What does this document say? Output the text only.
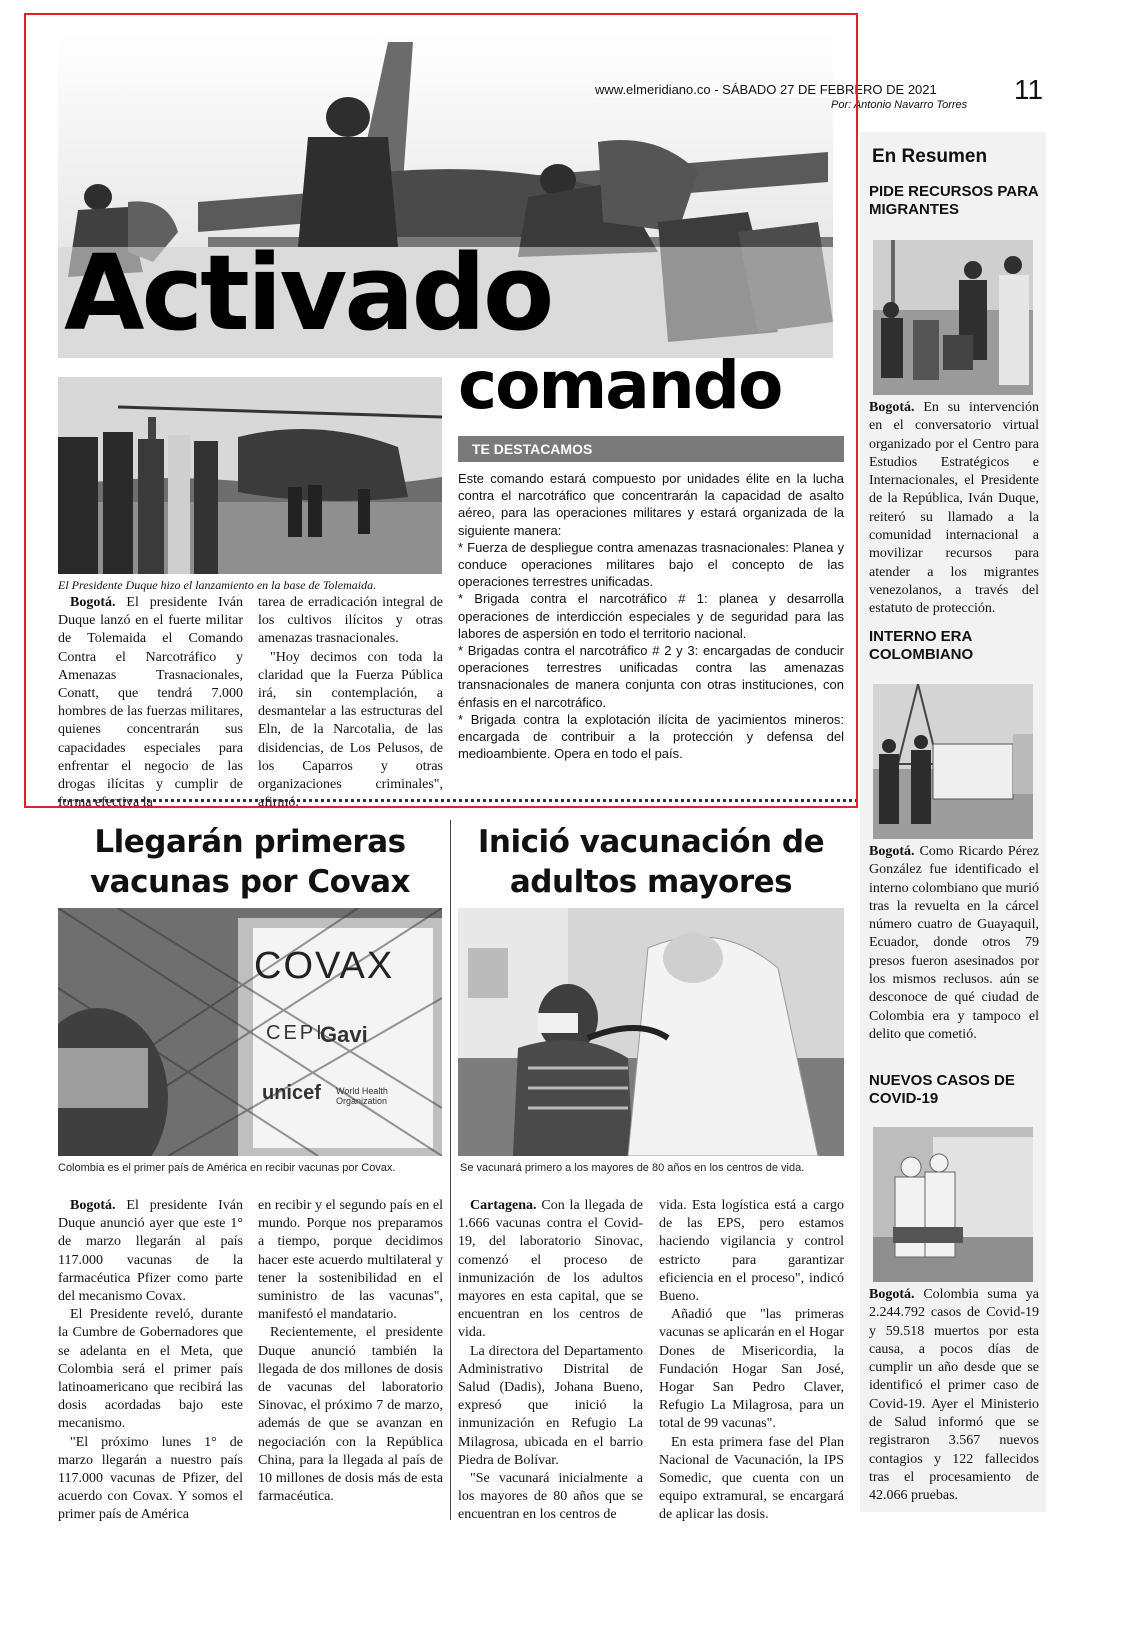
www.elmeridiano.co - SÁBADO 27 DE FEBRERO DE 2021
Por: Antonio Navarro Torres 11
Activado
comando
El Presidente Duque hizo el lanzamiento en la base de Tolemaida.

Bogotá. El presidente Iván Duque lanzó en el fuerte militar de Tolemaida el Comando Contra el Narcotráfico y Amenazas Trasnacionales, Conatt, que tendrá 7.000 hombres de las fuerzas militares, quienes concentrarán sus capacidades especiales para enfrentar el negocio de las drogas ilícitas y cumplir de forma efectiva la

tarea de erradicación integral de los cultivos ilícitos y otras amenazas trasnacionales.

"Hoy decimos con toda la claridad que la Fuerza Pública irá, sin contemplación, a desmantelar a las estructuras del Eln, de la Narcotalia, de las disidencias, de Los Pelusos, de los Caparros y otras organizaciones criminales", afirmó.

TE DESTACAMOS

Este comando estará compuesto por unidades élite en la lucha contra el narcotráfico que concentrarán la capacidad de asalto aéreo, para las operaciones militares y estará organizada de la siguiente manera:

* Fuerza de despliegue contra amenazas trasnacionales: Planea y conduce operaciones militares bajo el concepto de las operaciones terrestres unificadas.

* Brigada contra el narcotráfico # 1: planea y desarrolla operaciones de interdicción especiales y de seguridad para las labores de aspersión en todo el territorio nacional.

* Brigadas contra el narcotráfico # 2 y 3: encargadas de conducir operaciones terrestres unificadas contra las amenazas transnacionales de manera conjunta con otras instituciones, con énfasis en el narcotráfico.

* Brigada contra la explotación ilícita de yacimientos mineros: encargada de contribuir a la protección y defensa del medioambiente. Opera en todo el país.

En Resumen
PIDE RECURSOS PARA MIGRANTES
Bogotá. En su intervención en el conversatorio virtual organizado por el Centro para Estudios Estratégicos e Internacionales, el Presidente de la República, Iván Duque, reiteró su llamado a la comunidad internacional a movilizar recursos para atender a los migrantes venezolanos, a través del estatuto de protección.
INTERNO ERA COLOMBIANO
Bogotá. Como Ricardo Pérez González fue identificado el interno colombiano que murió tras la revuelta en la cárcel número cuatro de Guayaquil, Ecuador, donde otros 79 presos fueron asesinados por los mismos reclusos. aún se desconoce de qué ciudad de Colombia era y tampoco el delito que cometió.
NUEVOS CASOS DE COVID-19
Bogotá. Colombia suma ya 2.244.792 casos de Covid-19 y 59.518 muertos por esta causa, a pocos días de cumplir un año desde que se identificó el primer caso de Covid-19. Ayer el Ministerio de Salud informó que se registraron 3.567 nuevos contagios y 122 fallecidos tras el procesamiento de 42.066 pruebas.
Llegarán primeras vacunas por Covax
COVAX
CEPI
Gavi
unicef World Health Organization
Colombia es el primer país de América en recibir vacunas por Covax.

Bogotá. El presidente Iván Duque anunció ayer que este 1° de marzo llegarán al país 117.000 vacunas de la farmacéutica Pfizer como parte del mecanismo Covax.

El Presidente reveló, durante la Cumbre de Gobernadores que se adelanta en el Meta, que Colombia será el primer país latinoamericano que recibirá las dosis acordadas bajo este mecanismo.

"El próximo lunes 1° de marzo llegarán a nuestro país 117.000 vacunas de Pfizer, del acuerdo con Covax. Y somos el primer país de América

en recibir y el segundo país en el mundo. Porque nos preparamos a tiempo, porque decidimos hacer este acuerdo multilateral y tener la sostenibilidad en el suministro de las vacunas", manifestó el mandatario.

Recientemente, el presidente Duque anunció también la llegada de dos millones de dosis de vacunas del laboratorio Sinovac, el próximo 7 de marzo, además de que se avanzan en negociación con la República China, para la llegada al país de 10 millones de dosis más de esta farmacéutica.

Inició vacunación de adultos mayores
Se vacunará primero a los mayores de 80 años en los centros de vida.

Cartagena. Con la llegada de 1.666 vacunas contra el Covid-19, del laboratorio Sinovac, comenzó el proceso de inmunización de los adultos mayores en esta capital, que se encuentran en los centros de vida.

La directora del Departamento Administrativo Distrital de Salud (Dadis), Johana Bueno, expresó que inició la inmunización en Refugio La Milagrosa, ubicada en el barrio Piedra de Bolívar.

"Se vacunará inicialmente a los mayores de 80 años que se encuentran en los centros de

vida. Esta logística está a cargo de las EPS, pero estamos haciendo vigilancia y control estricto para garantizar eficiencia en el proceso", indicó Bueno.

Añadió que "las primeras vacunas se aplicarán en el Hogar Dones de Misericordia, la Fundación Hogar San José, Hogar San Pedro Claver, Refugio La Milagrosa, para un total de 99 vacunas".

En esta primera fase del Plan Nacional de Vacunación, la IPS Somedic, que cuenta con un equipo extramural, se encargará de aplicar las dosis.
